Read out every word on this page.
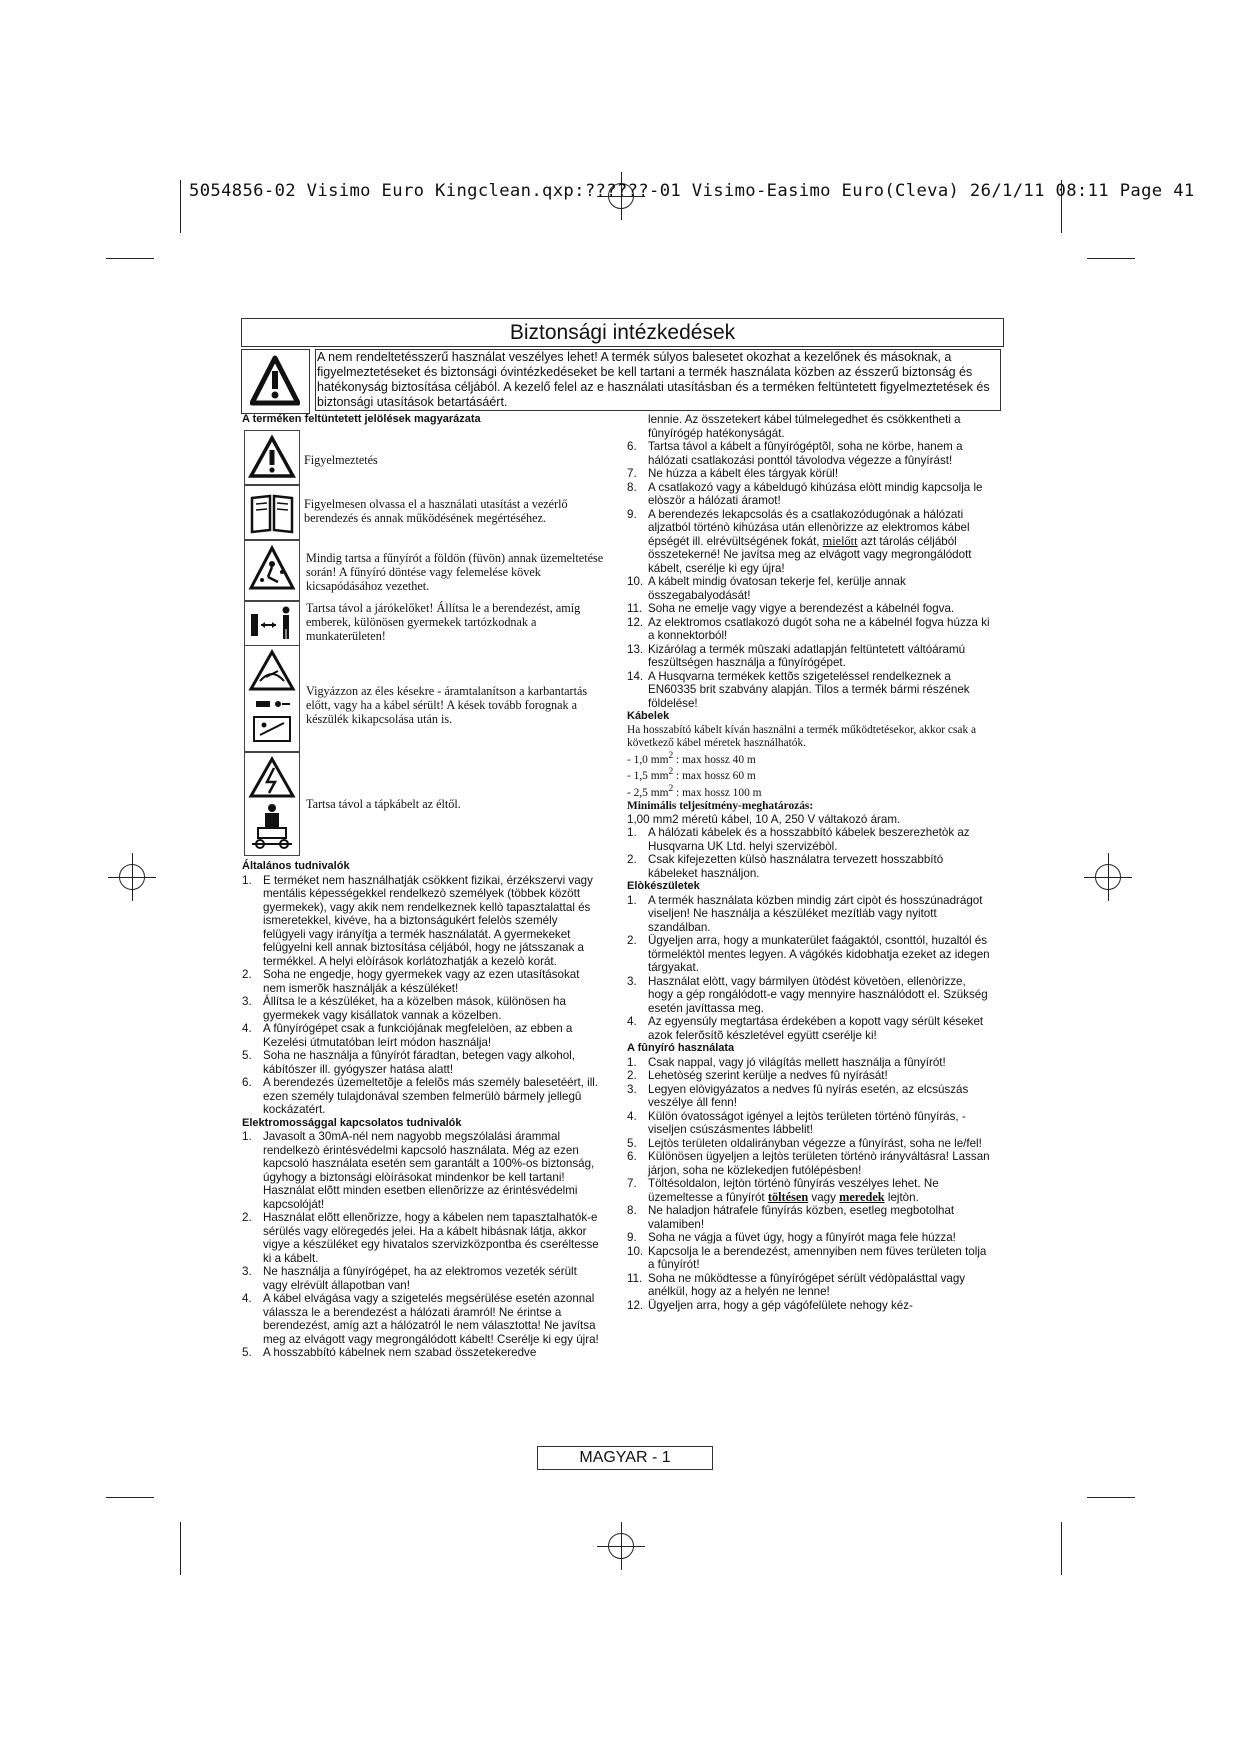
5054856-02 Visimo Euro Kingclean.qxp:??????-01 Visimo-Easimo Euro(Cleva) 26/1/11 08:11 Page 41
Biztonsági intézkedések
A nem rendeltetésszerű használat veszélyes lehet! A termék súlyos balesetet okozhat a kezelőnek és másoknak, a figyelmeztetéseket és biztonsági óvintézkedéseket be kell tartani a termék használata közben az ésszerű biztonság és hatékonyság biztosítása céljából. A kezelő felel az e használati utasításban és a terméken feltüntetett figyelmeztetések és biztonsági utasítások betartásáért.

A terméken feltüntetett jelölések magyarázata

Figyelmeztetés
Figyelmesen olvassa el a használati utasítást a vezérlő berendezés és annak működésének megértéséhez.
Mindig tartsa a fűnyírót a földön (füvön) annak üzemeltetése során! A fűnyíró döntése vagy felemelése kövek kicsapódásához vezethet.
Tartsa távol a járókelőket! Állítsa le a berendezést, amíg emberek, különösen gyermekek tartózkodnak a munkaterületen!
Vigyázzon az éles késekre - áramtalanítson a karbantartás előtt, vagy ha a kábel sérült! A kések tovább forognak a készülék kikapcsolása után is.
Tartsa távol a tápkábelt az éltől.

Általános tudnivalók

1. E terméket nem használhatják csökkent fizikai, érzékszervi vagy mentális képességekkel rendelkezò személyek (többek között gyermekek), vagy akik nem rendelkeznek kellò tapasztalattal és ismeretekkel, kivéve, ha a biztonságukért felelòs személy felügyeli vagy irányítja a termék használatát. A gyermekeket felügyelni kell annak biztosítása céljából, hogy ne játsszanak a termékkel. A helyi elòírások korlátozhatják a kezelò korát.
2. Soha ne engedje, hogy gyermekek vagy az ezen utasításokat nem ismerõk használják a készüléket!
3. Állítsa le a készüléket, ha a közelben mások, különösen ha gyermekek vagy kisállatok vannak a közelben.
4. A fûnyírógépet csak a funkciójának megfelelòen, az ebben a Kezelési útmutatóban leírt módon használja!
5. Soha ne használja a fûnyírót fáradtan, betegen vagy alkohol, kábítószer ill. gyógyszer hatása alatt!
6. A berendezés üzemeltetõje a felelõs más személy balesetéért, ill. ezen személy tulajdonával szemben felmerülò bármely jellegû kockázatért.

Elektromossággal kapcsolatos tudnivalók

1. Javasolt a 30mA-nél nem nagyobb megszólalási árammal rendelkezò érintésvédelmi kapcsoló használata. Még az ezen kapcsoló használata esetén sem garantált a 100%-os biztonság, úgyhogy a biztonsági elòírásokat mindenkor be kell tartani! Használat elõtt minden esetben ellenõrizze az érintésvédelmi kapcsolóját!
2. Használat elõtt ellenõrizze, hogy a kábelen nem tapasztalhatók-e sérülés vagy elöregedés jelei. Ha a kábelt hibásnak látja, akkor vigye a készüléket egy hivatalos szervizközpontba és cseréltesse ki a kábelt.
3. Ne használja a fûnyírógépet, ha az elektromos vezeték sérült vagy elrévült állapotban van!
4. A kábel elvágása vagy a szigetelés megsérülése esetén azonnal válassza le a berendezést a hálózati áramról! Ne érintse a berendezést, amíg azt a hálózatról le nem választotta! Ne javítsa meg az elvágott vagy megrongálódott kábelt! Cserélje ki egy újra!
5. A hosszabbító kábelnek nem szabad összetekeredve
lennie. Az összetekert kábel túlmelegedhet és csökkentheti a fûnyírógép hatékonyságát.
6. Tartsa távol a kábelt a fûnyírógéptõl, soha ne körbe, hanem a hálózati csatlakozási ponttól távolodva végezze a fûnyírást!
7. Ne húzza a kábelt éles tárgyak körül!
8. A csatlakozó vagy a kábeldugó kihúzása elòtt mindig kapcsolja le elòször a hálózati áramot!
9. A berendezés lekapcsolás és a csatlakozódugónak a hálózati aljzatból történò kihúzása után ellenòrizze az elektromos kábel épségét ill. elrévültségének fokát, mielőtt azt tárolás céljából összetekerné! Ne javítsa meg az elvágott vagy megrongálódott kábelt, cserélje ki egy újra!
10. A kábelt mindig óvatosan tekerje fel, kerülje annak összegabalyodását!
11. Soha ne emelje vagy vigye a berendezést a kábelnél fogva.
12. Az elektromos csatlakozó dugót soha ne a kábelnél fogva húzza ki a konnektorból!
13. Kizárólag a termék mûszaki adatlapján feltüntetett váltóáramú feszültségen használja a fûnyírógépet.
14. A Husqvarna termékek kettõs szigeteléssel rendelkeznek a EN60335 brit szabvány alapján. Tilos a termék bármi részének földelése!

Kábelek

Ha hosszabító kábelt kíván használni a termék működtetésekor, akkor csak a következő kábel méretek használhatók.

- 1,0 $mm^2$ : max hossz 40 m

- 1,5 $mm^2$ : max hossz 60 m

- 2,5 $mm^2$ : max hossz 100 m

Minimális teljesítmény-meghatározás:

1,00 mm2 méretû kábel, 10 A, 250 V váltakozó áram.

1. A hálózati kábelek és a hosszabbító kábelek beszerezhetòk az Husqvarna UK Ltd. helyi szervizébòl.
2. Csak kifejezetten külsò használatra tervezett hosszabbító kábeleket használjon.

Elòkészületek

1. A termék használata közben mindig zárt cipòt és hosszúnadrágot viseljen! Ne használja a készüléket mezítláb vagy nyitott szandálban.
2. Ügyeljen arra, hogy a munkaterület faágaktól, csonttól, huzaltól és törmeléktòl mentes legyen. A vágókés kidobhatja ezeket az idegen tárgyakat.
3. Használat elòtt, vagy bármilyen ütòdést követòen, ellenòrizze, hogy a gép rongálódott-e vagy mennyire használódott el. Szükség esetén javíttassa meg.
4. Az egyensúly megtartása érdekében a kopott vagy sérült késeket azok felerõsítõ készletével együtt cserélje ki!

A fûnyíró használata

1. Csak nappal, vagy jó világítás mellett használja a fûnyírót!
2. Lehetòség szerint kerülje a nedves fû nyírását!
3. Legyen elòvigyázatos a nedves fû nyírás esetén, az elcsúszás veszélye áll fenn!
4. Külön óvatosságot igényel a lejtòs területen történò fûnyírás, - viseljen csúszásmentes lábbelit!
5. Lejtòs területen oldalirányban végezze a fûnyírást, soha ne le/fel!
6. Különösen ügyeljen a lejtòs területen történò irányváltásra! Lassan járjon, soha ne közlekedjen futólépésben!
7. Töltésoldalon, lejtòn történò fûnyírás veszélyes lehet. Ne üzemeltesse a fûnyírót töltésen vagy meredek lejtòn.
8. Ne haladjon hátrafele fûnyírás közben, esetleg megbotolhat valamiben!
9. Soha ne vágja a füvet úgy, hogy a fûnyírót maga fele húzza!
10. Kapcsolja le a berendezést, amennyiben nem füves területen tolja a fûnyírót!
11. Soha ne mûködtesse a fûnyírógépet sérült védòpalásttal vagy anélkül, hogy az a helyén ne lenne!
12. Ügyeljen arra, hogy a gép vágófelülete nehogy kéz-
MAGYAR - 1
